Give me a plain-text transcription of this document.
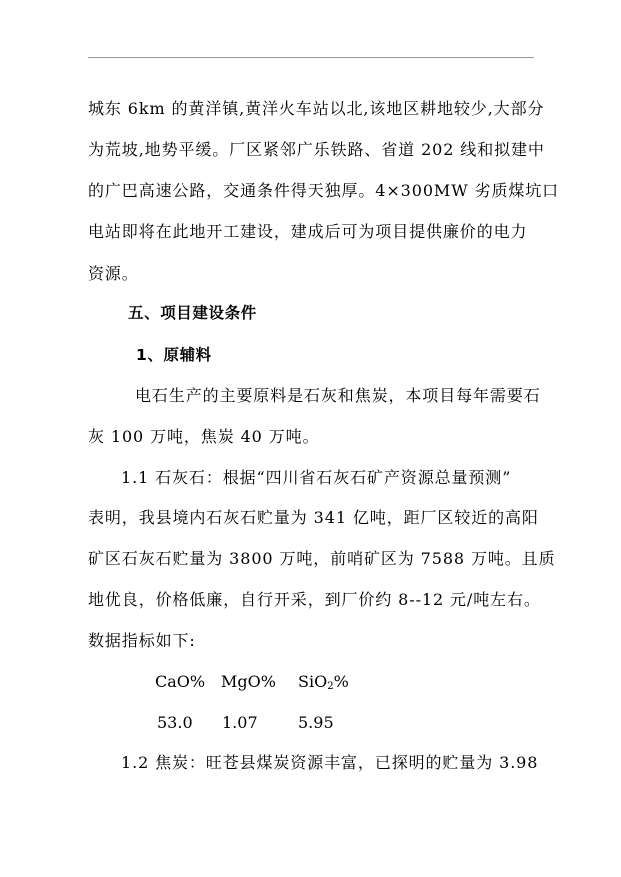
城东 6km 的黄洋镇,黄洋火车站以北,该地区耕地较少,大部分
为荒坡,地势平缓。厂区紧邻广乐铁路、省道 202 线和拟建中
的广巴高速公路，交通条件得天独厚。4×300MW 劣质煤坑口
电站即将在此地开工建设，建成后可为项目提供廉价的电力
资源。
五、项目建设条件
1、原辅料
电石生产的主要原料是石灰和焦炭，本项目每年需要石
灰 100 万吨，焦炭 40 万吨。
1.1 石灰石：根据“四川省石灰石矿产资源总量预测”
表明，我县境内石灰石贮量为 341 亿吨，距厂区较近的高阳
矿区石灰石贮量为 3800 万吨，前哨矿区为 7588 万吨。且质
地优良，价格低廉，自行开采，到厂价约 8--12 元/吨左右。
数据指标如下:
CaO% MgO% SiO$_2$%
53.0 1.07	5.95
1.2 焦炭：旺苍县煤炭资源丰富，已探明的贮量为 3.98
